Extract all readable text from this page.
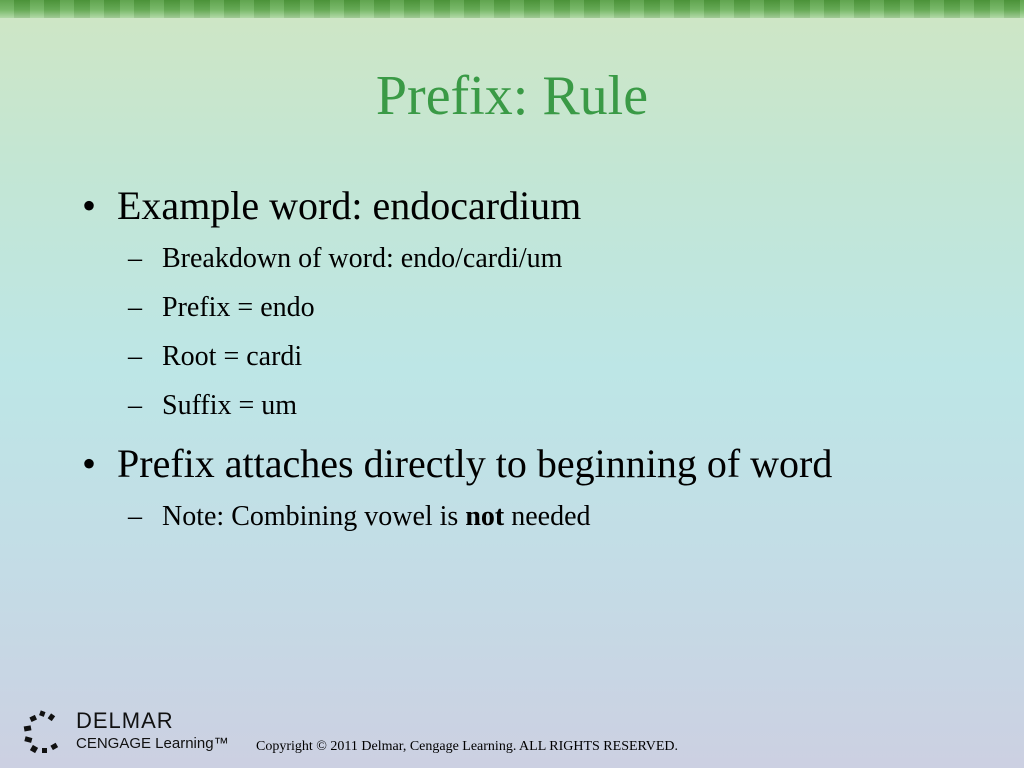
Prefix: Rule
• Example word: endocardium
– Breakdown of word: endo/cardi/um
– Prefix = endo
– Root = cardi
– Suffix = um
• Prefix attaches directly to beginning of word
– Note: Combining vowel is not needed
DELMAR
CENGAGE Learning™ Copyright © 2011 Delmar, Cengage Learning. ALL RIGHTS RESERVED.
